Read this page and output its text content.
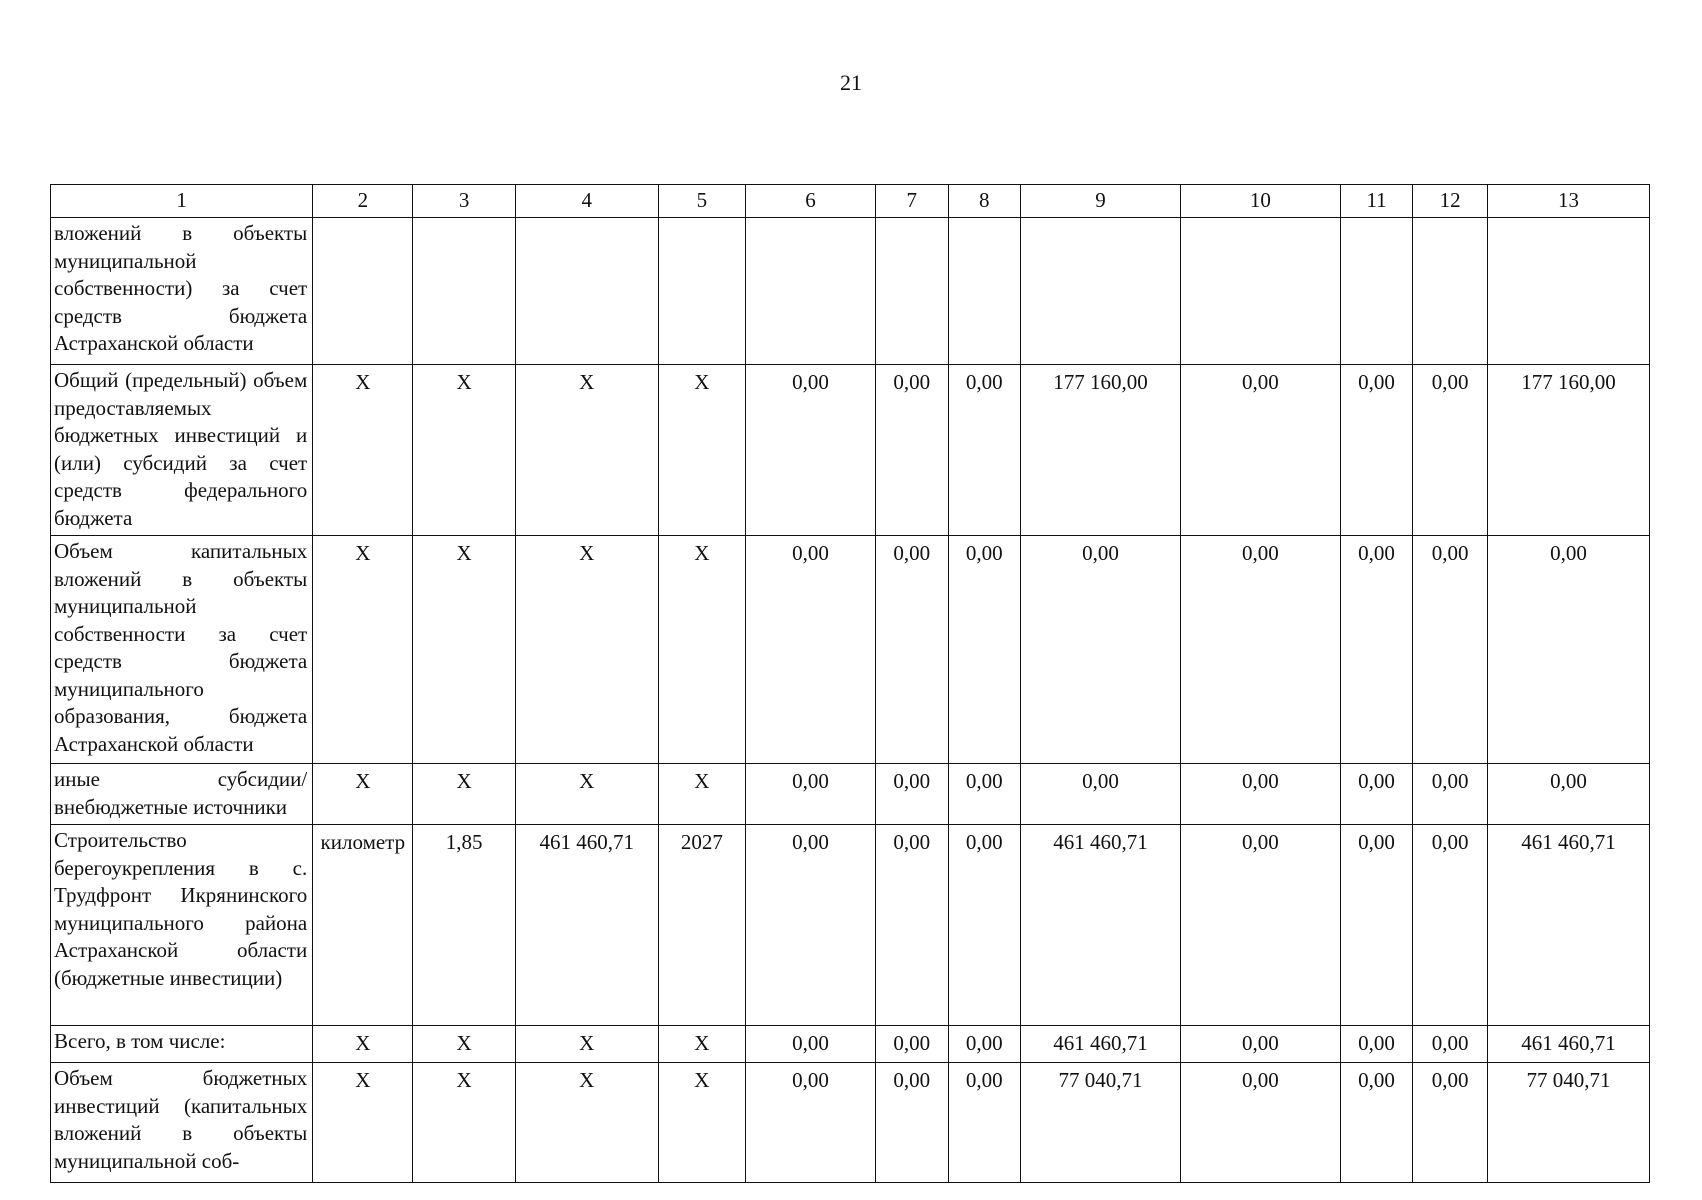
21
1	2	3	4	5	6	7	8	9	10	11	12	13
вложений в объекты муниципальной собственности) за счет средств бюджета Астраханской области												
Общий (предельный) объем предоставляемых бюджетных инвестиций и (или) субсидий за счет средств федерального бюджета	X	X	X	X	0,00	0,00	0,00	177 160,00	0,00	0,00	0,00	177 160,00
Объем капитальных вложений в объекты муниципальной собственности за счет средств бюджета муниципального образования, бюджета Астраханской области	X	X	X	X	0,00	0,00	0,00	0,00	0,00	0,00	0,00	0,00
иные субсидии/ внебюджетные источники	X	X	X	X	0,00	0,00	0,00	0,00	0,00	0,00	0,00	0,00
Строительство берегоукрепления в с. Трудфронт Икрянинского муниципального района Астраханской области (бюджетные инвестиции)	километр	1,85	461 460,71	2027	0,00	0,00	0,00	461 460,71	0,00	0,00	0,00	461 460,71
Всего, в том числе:	X	X	X	X	0,00	0,00	0,00	461 460,71	0,00	0,00	0,00	461 460,71
Объем бюджетных инвестиций (капитальных вложений в объекты муниципальной соб-	X	X	X	X	0,00	0,00	0,00	77 040,71	0,00	0,00	0,00	77 040,71
